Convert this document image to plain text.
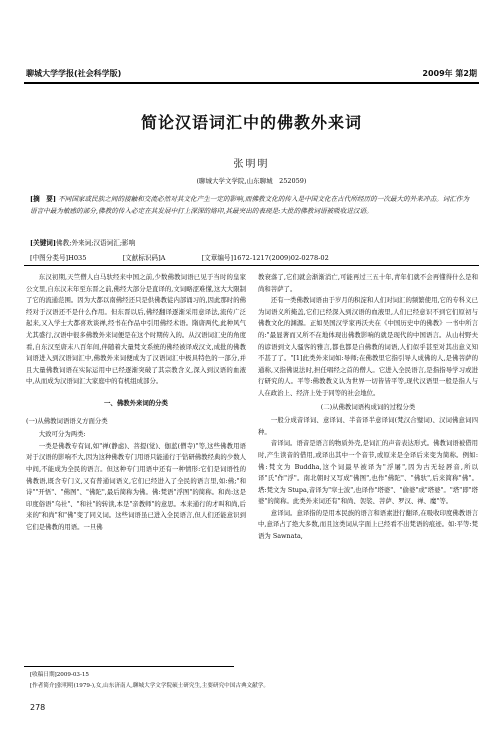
聊城大学学报(社会科学版)	2009年 第2期
简论汉语词汇中的佛教外来词
张明明
(聊城大学文学院,山东聊城　252059)
[摘　要] 不同国家或民族之间的接触和交流必然对其文化产生一定的影响,而佛教文化的传入是中国文化在古代所经历的一次最大的外来冲击。词汇作为语言中最为敏感的部分,佛教的传入必定在其发展中打上深深的烙印,其最突出的表现是:大批的佛教词语被吸收进汉语。
[关键词]佛教;外来词;汉语词汇;影响
[中图分类号]H035	[文献标识码]A	[文章编号]1672-1217(2009)02-0278-02

东汉初期,天竺僧人白马驮经来中国之前,少数佛教词语已见于当时的皇家公文里,自东汉末年至东晋之前,佛经大部分是直译的,文词略涩难懂,这大大限制了它的流通范围。因为大都以南佛经还只是供佛教徒内部诵习的,因此那时的佛经对于汉语还不是什么作用。但东晋以后,佛经翻译逐渐采用意译法,流传广泛起来,又入学士大都喜欢谈禅,经书在作品中引用佛经术语。隋唐两代,此种风气尤其盛行,汉语中很多佛教外来词便是在这个时期传入的。从汉语词汇史的角度看,自东汉至唐末八百年间,伴随着大量梵文系统的佛经被译成汉文,成批的佛教词语进入到汉语词汇中,佛教外来词便成为了汉语词汇中极具特色的一部分,并且大量佛教词语在实际运用中已经逐渐突破了其宗教含义,深入到汉语的血液中,从而成为汉语词汇大家庭中的有机组成部分。

一、佛教外来词的分类

(一)从佛教词语语义方面分类

大致可分为两类:

一类是佛教专有词,如"禅(静虑)、菩提(觉)、伽蓝(僧寺)"等,这些佛教用语对于汉语的影响不大,因为这种佛教专门用语只能通行于钻研佛教经典的少数人中间,不能成为全民的语言。但这种专门用语中还有一种情形:它们是词语性的佛教语,既含专门义,又有普通词语义,它们已经进入了全民的语言里,如:佛;"和诗""开悟"、"佛图"、"佛陀",最后简称为佛。佛:梵语"浮图"的简称。和尚:这是印度俗语"乌社"、"和社"的转读,本是"亲教师"的意思。本来通行的才叫和尚,后来的"和尚"和"佛"变了同义词。这些词语虽已进入全民语言,但人们还能意识到它们是佛教的用语。一旦佛

教衰落了,它们就会渐渐消亡,可能再过三五十年,青年们就不会再懂得什么是和尚和菩萨了。

还有一类佛教词语由于岁月的积淀和人们对词汇的频繁使用,它的专科义已为词语义所掩盖,它们已经深入到汉语的血液里,人们已经意识不到它们原初与佛教文化的渊源。正如吴国汉学家再沃夫在《中国历史中的佛教》一书中所言的:"最显著而又所不在地体现出佛教影响的就是现代的中国语言。从山村野夫的谚语到文人骚客的雅言,都也都是自佛教的词语,人们似乎甚至对其出意义知不甚了了。"[1]此类外来词如:导师;在佛教里它指引导人成佛的人,是佛菩萨的通称,又指佛说法时,担任唱经之首的僧人。它进入全民语言,是指指导学习或进行研究的人。平等:佛教教义认为世界一切皆皆平等,现代汉语里一般是指人与人在政治上、经济上处于同等的社会地位。

(二)从佛教词语构成词的过程分类

一般分成音译词、意译词、半音译半意译词(梵汉合璧词)、汉词佛意词四种。

音译词。语音是语言的物质外壳,是词汇的声音表达形式。佛教词语被借用时,产生读音的借用,或译出其中一个音节,或原来是全译后来变为简称。例如:佛:梵文为 Buddha,这个词最早被译为"浮屠",因为古无轻唇音,所以译"氏"作"浮"。南北朝时又写成"佛图",也作"佛陀"、"佛驮",后来简称"佛"。塔:梵文为 Stupa,音译为"窣士波",也译作"塔婆"、"偷婆"或"塔婆"。"塔"即"塔婆"的简称。此类外来词还有"和尚、袈裟、菩萨、罗汉、禅、魔"等。

意译词。意译指的是用本民族的语言和语素进行翻译,在吸收印度佛教语言中,意译占了绝大多数,而且这类词从字面上已经看不出梵语的痕迹。如:平等:梵语为 Sawnata,

[收稿日期]2009-03-15
[作者简介]张明明(1979-),女,山东济南人,聊城大学文学院硕士研究生,主要研究中国古典文献学。
278
